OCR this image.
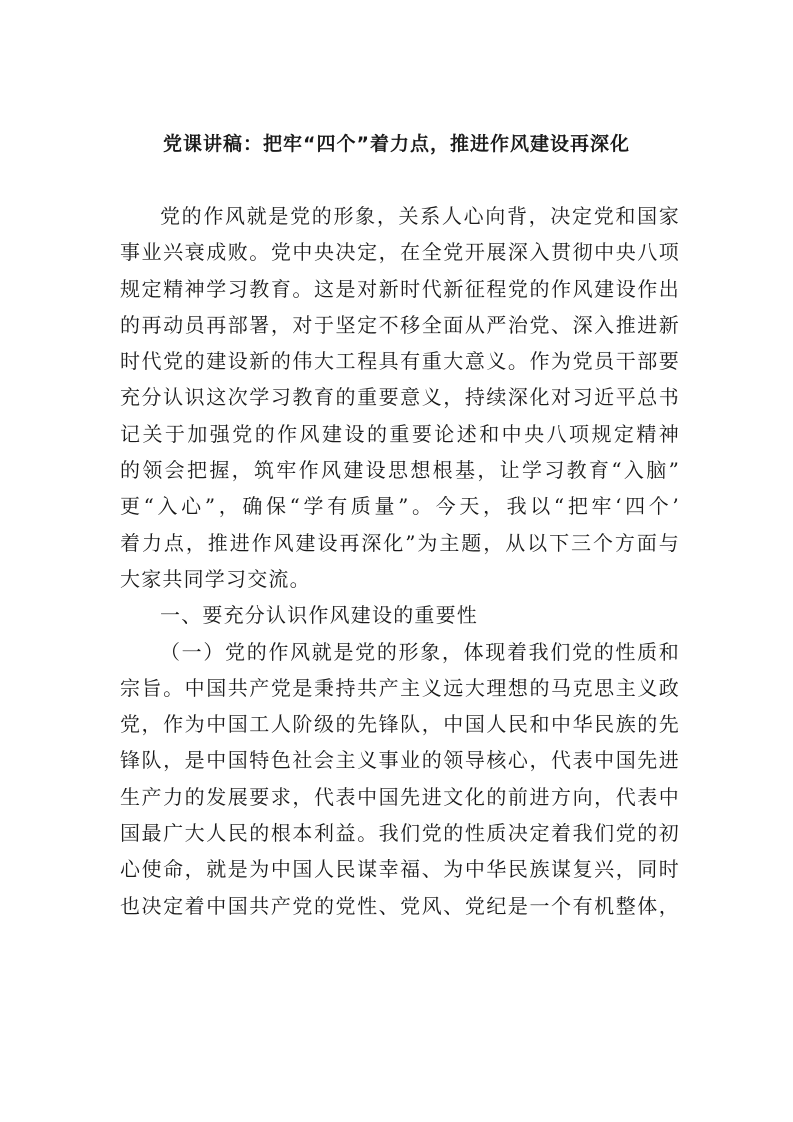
党课讲稿：把牢“四个”着力点，推进作风建设再深化
党的作风就是党的形象，关系人心向背，决定党和国家
事业兴衰成败。党中央决定，在全党开展深入贯彻中央八项
规定精神学习教育。这是对新时代新征程党的作风建设作出
的再动员再部署，对于坚定不移全面从严治党、深入推进新
时代党的建设新的伟大工程具有重大意义。作为党员干部要
充分认识这次学习教育的重要意义，持续深化对习近平总书
记关于加强党的作风建设的重要论述和中央八项规定精神
的领会把握，筑牢作风建设思想根基，让学习教育“入脑”
更“入心”，确保“学有质量”。今天，我以“把牢‘四个’
着力点，推进作风建设再深化”为主题，从以下三个方面与
大家共同学习交流。
一、要充分认识作风建设的重要性
（一）党的作风就是党的形象，体现着我们党的性质和
宗旨。中国共产党是秉持共产主义远大理想的马克思主义政
党，作为中国工人阶级的先锋队，中国人民和中华民族的先
锋队，是中国特色社会主义事业的领导核心，代表中国先进
生产力的发展要求，代表中国先进文化的前进方向，代表中
国最广大人民的根本利益。我们党的性质决定着我们党的初
心使命，就是为中国人民谋幸福、为中华民族谋复兴，同时
也决定着中国共产党的党性、党风、党纪是一个有机整体，
